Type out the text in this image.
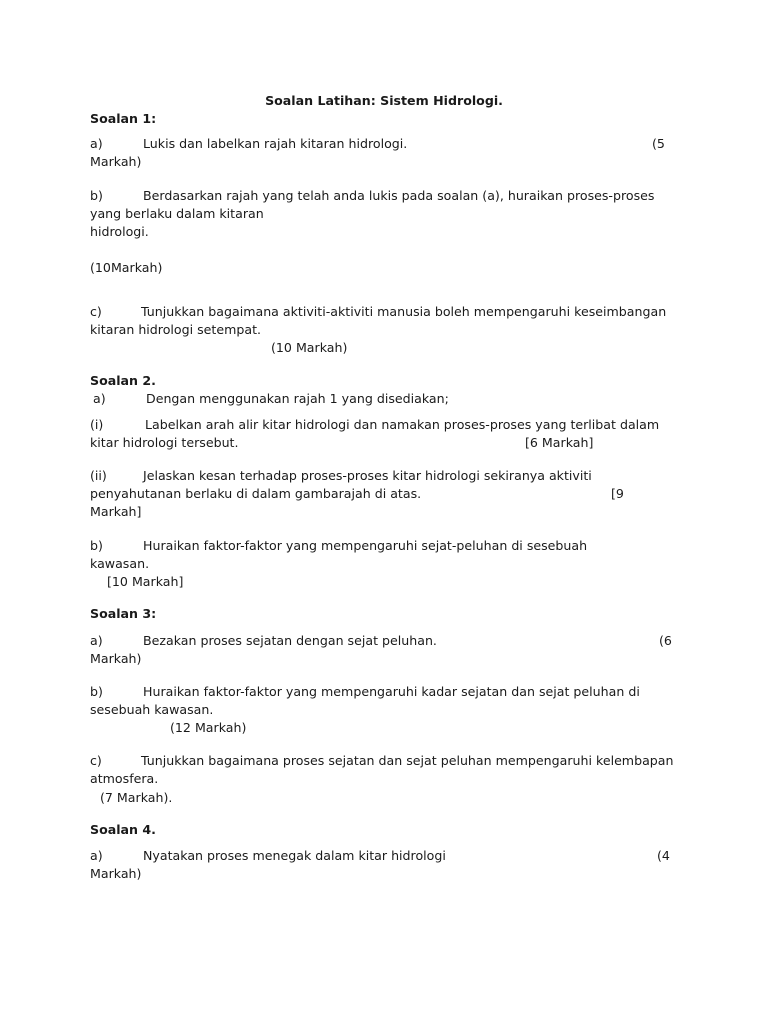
Soalan Latihan: Sistem Hidrologi.
Soalan 1:
a)	Lukis dan labelkan rajah kitaran hidrologi.	(5
Markah)
b)	Berdasarkan rajah yang telah anda lukis pada soalan (a), huraikan proses-proses
yang berlaku dalam kitaran
hidrologi.
(10Markah)
c)	Tunjukkan bagaimana aktiviti-aktiviti manusia boleh mempengaruhi keseimbangan
kitaran hidrologi setempat.
(10 Markah)
Soalan 2.
a)	Dengan menggunakan rajah 1 yang disediakan;
(i)	Labelkan arah alir kitar hidrologi dan namakan proses-proses yang terlibat dalam
kitar hidrologi tersebut.	[6 Markah]
(ii)	Jelaskan kesan terhadap proses-proses kitar hidrologi sekiranya aktiviti
penyahutanan berlaku di dalam gambarajah di atas.	[9
Markah]
b)	Huraikan faktor-faktor yang mempengaruhi sejat-peluhan di sesebuah
kawasan.
[10 Markah]
Soalan 3:
a)	Bezakan proses sejatan dengan sejat peluhan.	(6
Markah)
b)	Huraikan faktor-faktor yang mempengaruhi kadar sejatan dan sejat peluhan di
sesebuah kawasan.
(12 Markah)
c)	Tunjukkan bagaimana proses sejatan dan sejat peluhan mempengaruhi kelembapan
atmosfera.
(7 Markah).
Soalan 4.
a)	Nyatakan proses menegak dalam kitar hidrologi	(4
Markah)
